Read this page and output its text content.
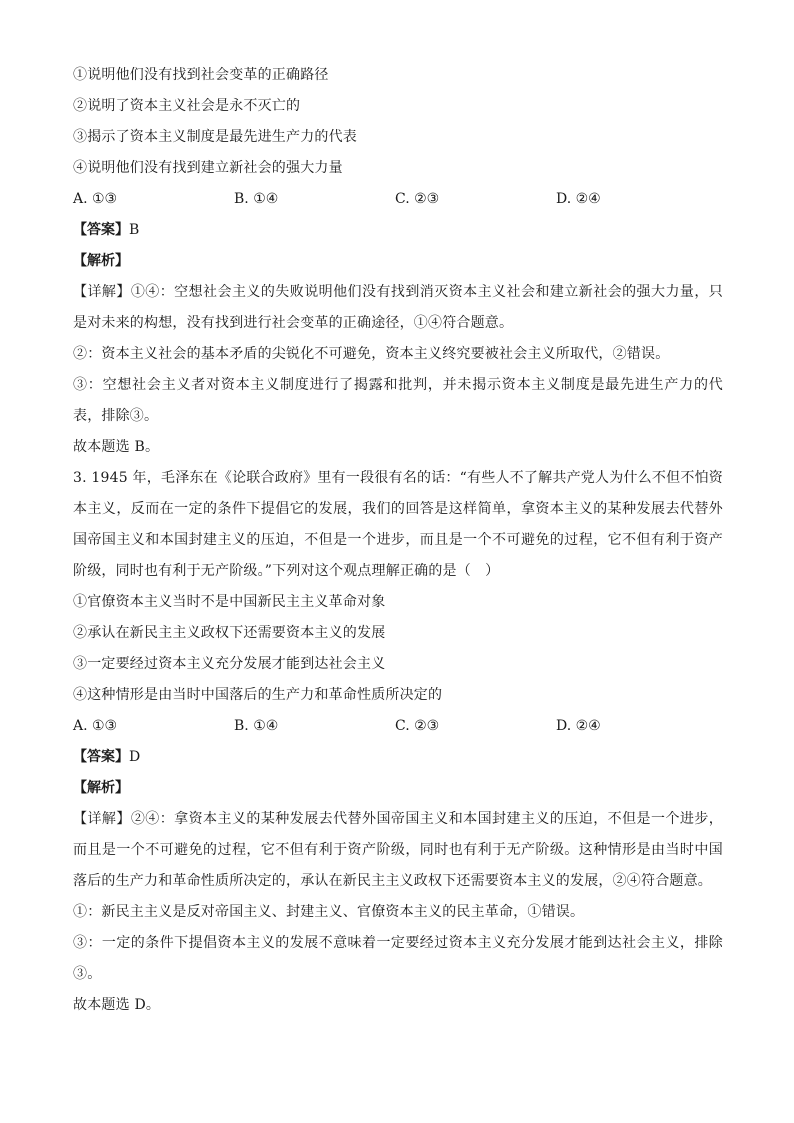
①说明他们没有找到社会变革的正确路径
②说明了资本主义社会是永不灭亡的
③揭示了资本主义制度是最先进生产力的代表
④说明他们没有找到建立新社会的强大力量
A. ①③	B. ①④	C. ②③	D. ②④
【答案】B
【解析】
【详解】①④：空想社会主义的失败说明他们没有找到消灭资本主义社会和建立新社会的强大力量，只是对未来的构想，没有找到进行社会变革的正确途径，①④符合题意。
②：资本主义社会的基本矛盾的尖锐化不可避免，资本主义终究要被社会主义所取代，②错误。
③：空想社会主义者对资本主义制度进行了揭露和批判，并未揭示资本主义制度是最先进生产力的代表，排除③。
故本题选 B。
3. 1945 年，毛泽东在《论联合政府》里有一段很有名的话：“有些人不了解共产党人为什么不但不怕资本主义，反而在一定的条件下提倡它的发展，我们的回答是这样简单，拿资本主义的某种发展去代替外国帝国主义和本国封建主义的压迫，不但是一个进步，而且是一个不可避免的过程，它不但有利于资产阶级，同时也有利于无产阶级。”下列对这个观点理解正确的是（　）
①官僚资本主义当时不是中国新民主主义革命对象
②承认在新民主主义政权下还需要资本主义的发展
③一定要经过资本主义充分发展才能到达社会主义
④这种情形是由当时中国落后的生产力和革命性质所决定的
A. ①③	B. ①④	C. ②③	D. ②④
【答案】D
【解析】
【详解】②④：拿资本主义的某种发展去代替外国帝国主义和本国封建主义的压迫，不但是一个进步，而且是一个不可避免的过程，它不但有利于资产阶级，同时也有利于无产阶级。这种情形是由当时中国落后的生产力和革命性质所决定的，承认在新民主主义政权下还需要资本主义的发展，②④符合题意。
①：新民主主义是反对帝国主义、封建主义、官僚资本主义的民主革命，①错误。
③：一定的条件下提倡资本主义的发展不意味着一定要经过资本主义充分发展才能到达社会主义，排除③。
故本题选 D。
